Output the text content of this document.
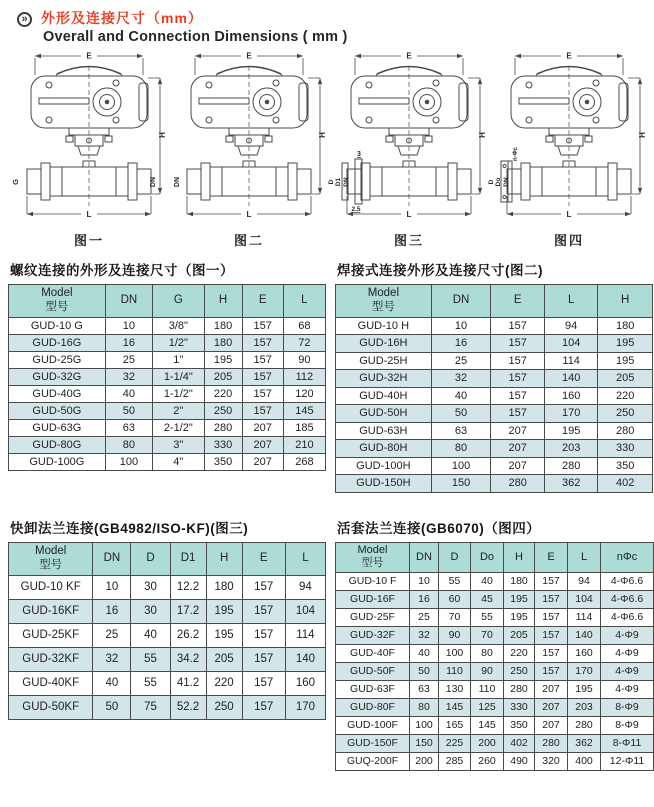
» 外形及连接尺寸（mm）
Overall and Connection Dimensions ( mm )
E
H
L
G	DN
图一
E
H
L
DN
图二
E
H
L
D D1 DN
3
2.5
图三
E
H
L
D Do DN
n-Φc
图四
螺纹连接的外形及连接尺寸（图一）
Model
型号	DN	G	H	E	L
GUD-10 G	10	3/8"	180	157	68
GUD-16G	16	1/2"	180	157	72
GUD-25G	25	1"	195	157	90
GUD-32G	32	1-1/4"	205	157	112
GUD-40G	40	1-1/2"	220	157	120
GUD-50G	50	2"	250	157	145
GUD-63G	63	2-1/2"	280	207	185
GUD-80G	80	3"	330	207	210
GUD-100G	100	4"	350	207	268
焊接式连接外形及连接尺寸(图二)
Model
型号	DN	E	L	H
GUD-10 H	10	157	94	180
GUD-16H	16	157	104	195
GUD-25H	25	157	114	195
GUD-32H	32	157	140	205
GUD-40H	40	157	160	220
GUD-50H	50	157	170	250
GUD-63H	63	207	195	280
GUD-80H	80	207	203	330
GUD-100H	100	207	280	350
GUD-150H	150	280	362	402
快卸法兰连接(GB4982/ISO-KF)(图三)
Model
型号	DN	D	D1	H	E	L
GUD-10 KF	10	30	12.2	180	157	94
GUD-16KF	16	30	17.2	195	157	104
GUD-25KF	25	40	26.2	195	157	114
GUD-32KF	32	55	34.2	205	157	140
GUD-40KF	40	55	41.2	220	157	160
GUD-50KF	50	75	52.2	250	157	170
活套法兰连接(GB6070)（图四）
Model
型号	DN	D	Do	H	E	L	nΦc
GUD-10 F	10	55	40	180	157	94	4-Φ6.6
GUD-16F	16	60	45	195	157	104	4-Φ6.6
GUD-25F	25	70	55	195	157	114	4-Φ6.6
GUD-32F	32	90	70	205	157	140	4-Φ9
GUD-40F	40	100	80	220	157	160	4-Φ9
GUD-50F	50	110	90	250	157	170	4-Φ9
GUD-63F	63	130	110	280	207	195	4-Φ9
GUD-80F	80	145	125	330	207	203	8-Φ9
GUD-100F	100	165	145	350	207	280	8-Φ9
GUD-150F	150	225	200	402	280	362	8-Φ11
GUQ-200F	200	285	260	490	320	400	12-Φ11
